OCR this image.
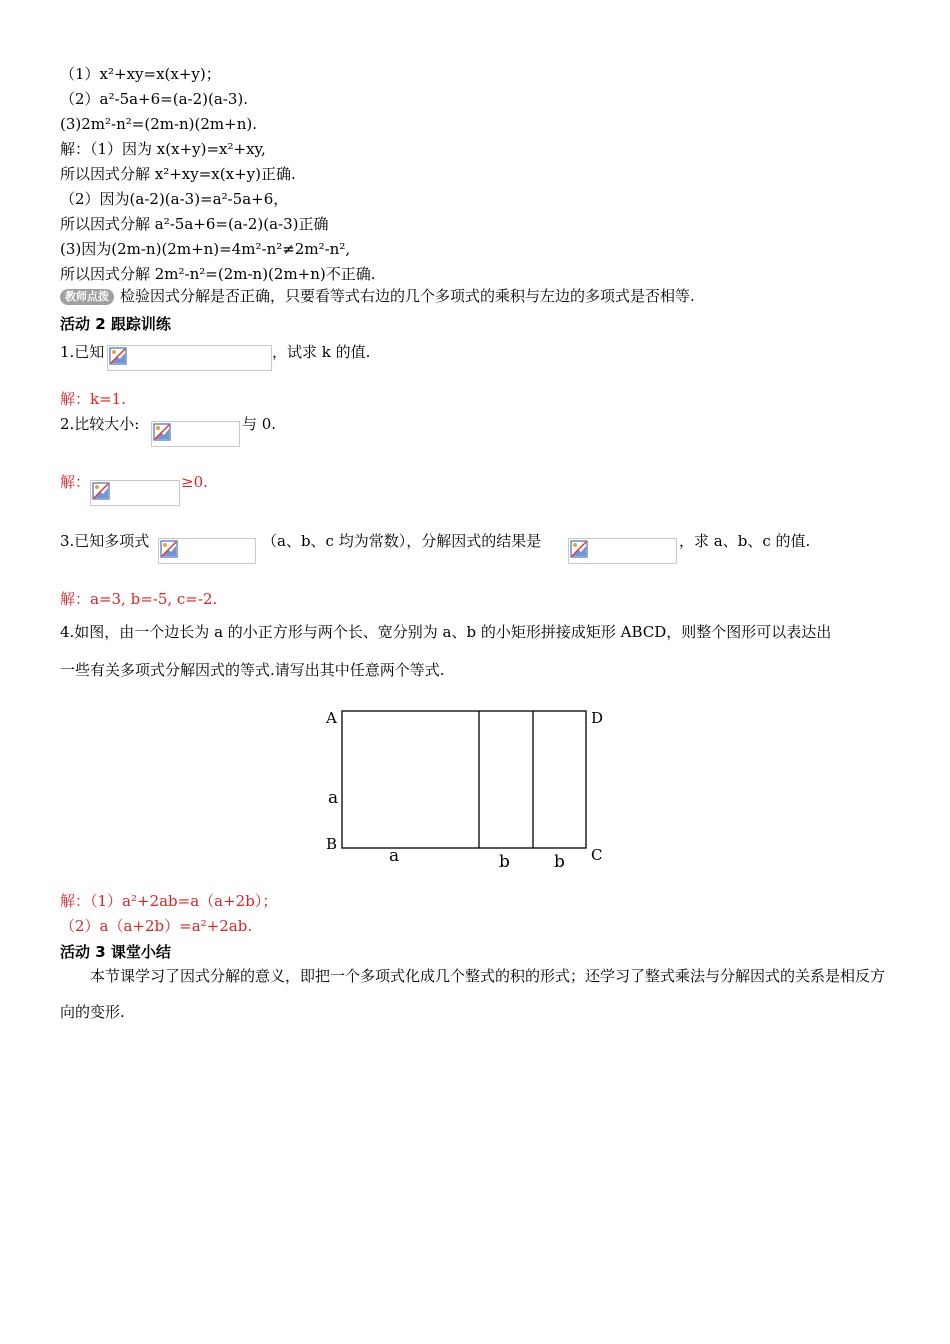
（1）x²+xy=x(x+y)；
（2）a²-5a+6=(a-2)(a-3).
(3)2m²-n²=(2m-n)(2m+n).
解：（1）因为 x(x+y)=x²+xy,
所以因式分解 x²+xy=x(x+y)正确.
（2）因为(a-2)(a-3)=a²-5a+6，
所以因式分解 a²-5a+6=(a-2)(a-3)正确
(3)因为(2m-n)(2m+n)=4m²-n²≠2m²-n²,
所以因式分解 2m²-n²=(2m-n)(2m+n)不正确.
教师点拨 检验因式分解是否正确，只要看等式右边的几个多项式的乘积与左边的多项式是否相等.
活动 2 跟踪训练
1.已知	，试求 k 的值.
解：k=1.
2.比较大小:	与 0.
解：	≥0.
3.已知多项式	（a、b、c 均为常数），分解因式的结果是	，求 a、b、c 的值.
解：a=3, b=-5, c=-2.
4.如图，由一个边长为 a 的小正方形与两个长、宽分别为 a、b 的小矩形拼接成矩形 ABCD，则整个图形可以表达出
一些有关多项式分解因式的等式.请写出其中任意两个等式.
A	D
B
C
a
a	b	b
解：（1）a²+2ab=a（a+2b）；
（2）a（a+2b）=a²+2ab.
活动 3 课堂小结
本节课学习了因式分解的意义，即把一个多项式化成几个整式的积的形式；还学习了整式乘法与分解因式的关系是相反方向的变形.
